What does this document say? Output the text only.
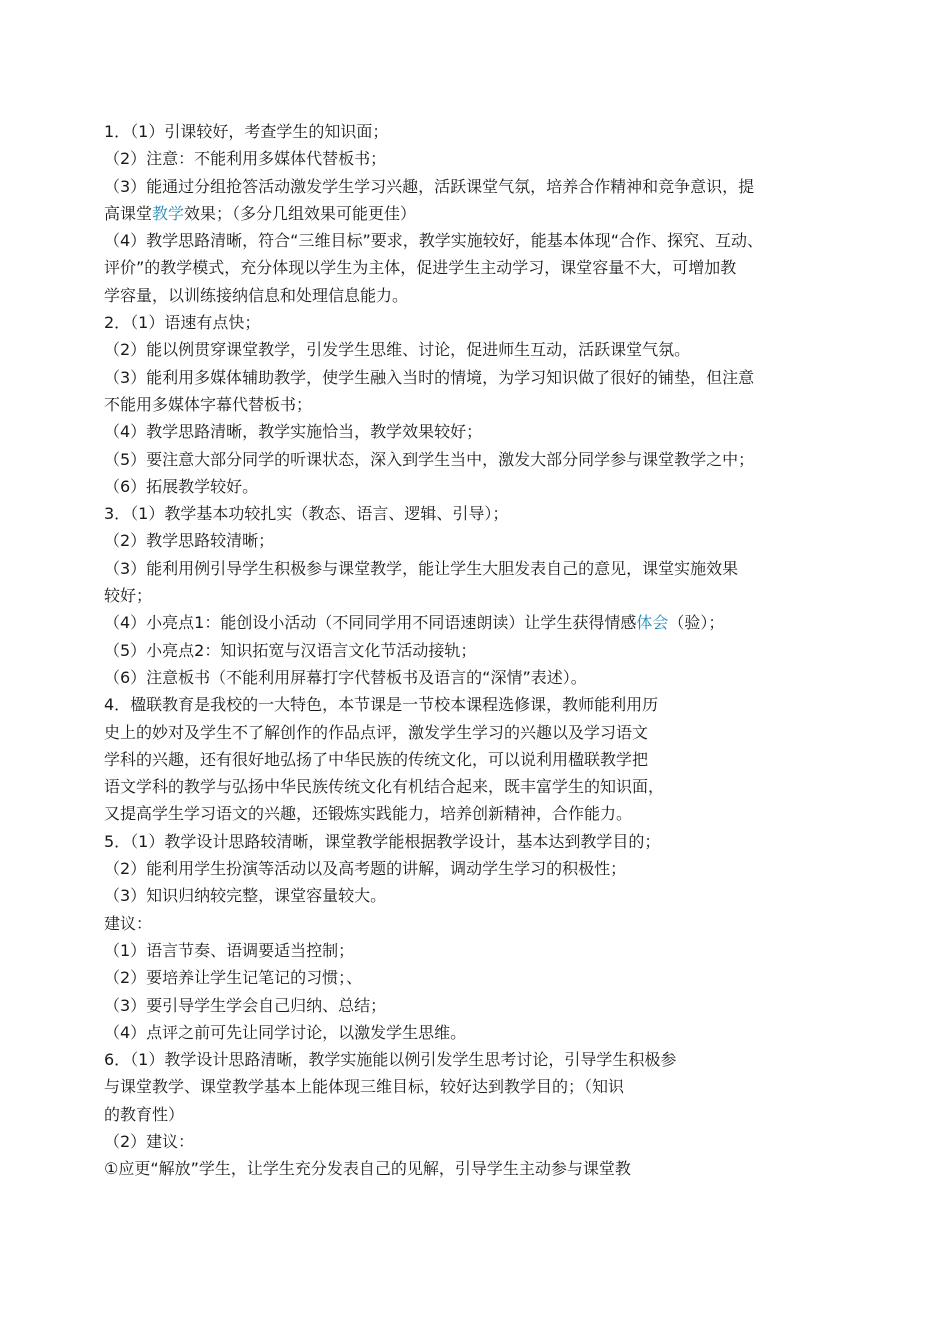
1．（1）引课较好，考查学生的知识面；
（2）注意：不能利用多媒体代替板书；
（3）能通过分组抢答活动激发学生学习兴趣，活跃课堂气氛，培养合作精神和竞争意识，提
高课堂教学效果；（多分几组效果可能更佳）
（4）教学思路清晰，符合“三维目标”要求，教学实施较好，能基本体现“合作、探究、互动、
评价”的教学模式，充分体现以学生为主体，促进学生主动学习，课堂容量不大，可增加教
学容量，以训练接纳信息和处理信息能力。
2．（1）语速有点快；
（2）能以例贯穿课堂教学，引发学生思维、讨论，促进师生互动，活跃课堂气氛。
（3）能利用多媒体辅助教学，使学生融入当时的情境，为学习知识做了很好的铺垫，但注意
不能用多媒体字幕代替板书；
（4）教学思路清晰，教学实施恰当，教学效果较好；
（5）要注意大部分同学的听课状态，深入到学生当中，激发大部分同学参与课堂教学之中；
（6）拓展教学较好。
3．（1）教学基本功较扎实（教态、语言、逻辑、引导）；
（2）教学思路较清晰；
（3）能利用例引导学生积极参与课堂教学，能让学生大胆发表自己的意见，课堂实施效果
较好；
（4）小亮点1：能创设小活动（不同同学用不同语速朗读）让学生获得情感体会（验）；
（5）小亮点2：知识拓宽与汉语言文化节活动接轨；
（6）注意板书（不能利用屏幕打字代替板书及语言的“深情”表述）。
4．楹联教育是我校的一大特色，本节课是一节校本课程选修课，教师能利用历
史上的妙对及学生不了解创作的作品点评，激发学生学习的兴趣以及学习语文
学科的兴趣，还有很好地弘扬了中华民族的传统文化，可以说利用楹联教学把
语文学科的教学与弘扬中华民族传统文化有机结合起来，既丰富学生的知识面，
又提高学生学习语文的兴趣，还锻炼实践能力，培养创新精神，合作能力。
5．（1）教学设计思路较清晰，课堂教学能根据教学设计，基本达到教学目的；
（2）能利用学生扮演等活动以及高考题的讲解，调动学生学习的积极性；
（3）知识归纳较完整，课堂容量较大。
建议：
（1）语言节奏、语调要适当控制；
（2）要培养让学生记笔记的习惯；、
（3）要引导学生学会自己归纳、总结；
（4）点评之前可先让同学讨论，以激发学生思维。
6．（1）教学设计思路清晰，教学实施能以例引发学生思考讨论，引导学生积极参
与课堂教学、课堂教学基本上能体现三维目标，较好达到教学目的；（知识
的教育性）
（2）建议：
①应更“解放”学生，让学生充分发表自己的见解，引导学生主动参与课堂教
